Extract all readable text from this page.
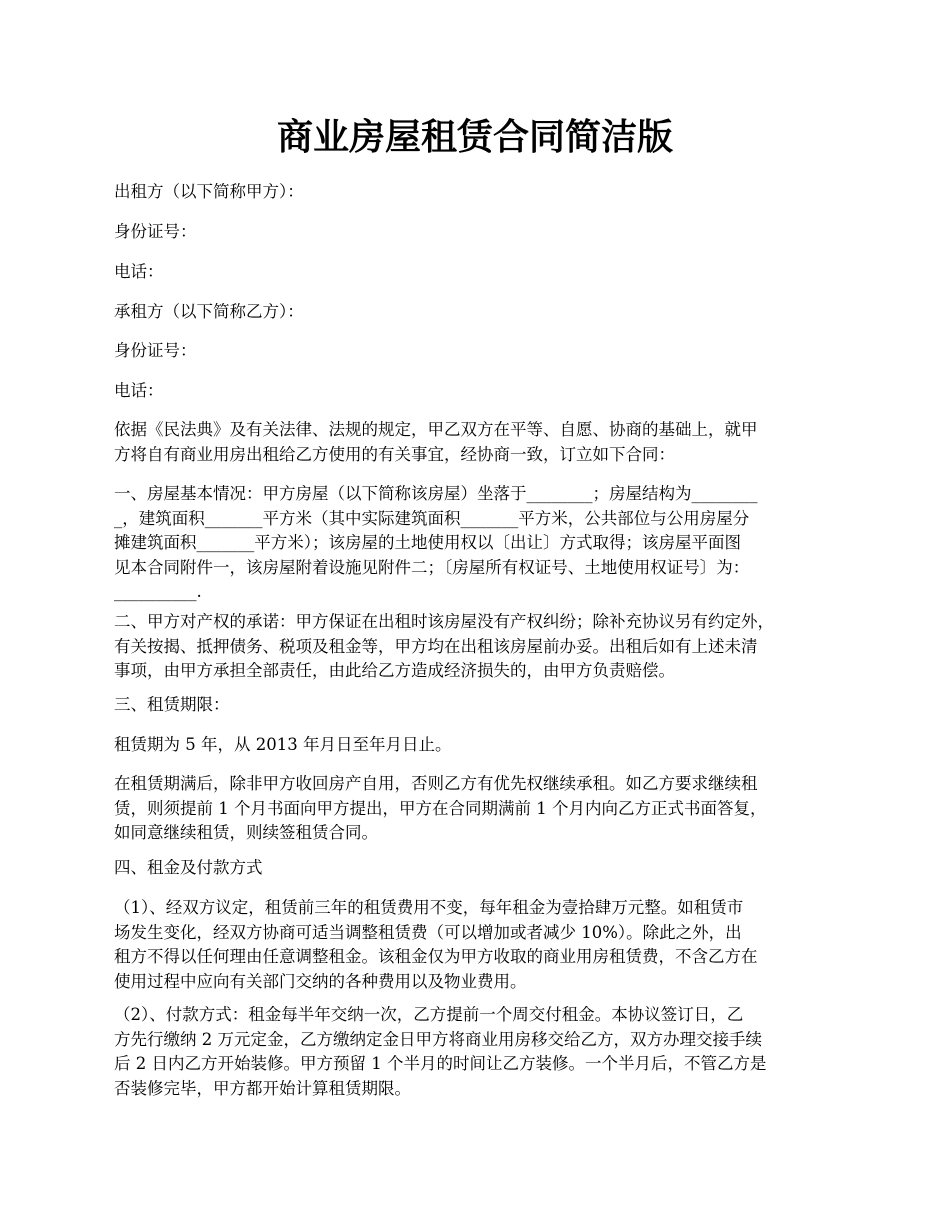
商业房屋租赁合同简洁版
出租方（以下简称甲方）：
身份证号：
电话：
承租方（以下简称乙方）：
身份证号：
电话：
依据《民法典》及有关法律、法规的规定，甲乙双方在平等、自愿、协商的基础上，就甲
方将自有商业用房出租给乙方使用的有关事宜，经协商一致，订立如下合同：
一、房屋基本情况：甲方房屋（以下简称该房屋）坐落于________；房屋结构为________
_，建筑面积_______平方米（其中实际建筑面积_______平方米，公共部位与公用房屋分
摊建筑面积_______平方米）；该房屋的土地使用权以〔出让〕方式取得；该房屋平面图
见本合同附件一，该房屋附着设施见附件二；〔房屋所有权证号、土地使用权证号〕为：
__________.
二、甲方对产权的承诺：甲方保证在出租时该房屋没有产权纠纷；除补充协议另有约定外，
有关按揭、抵押债务、税项及租金等，甲方均在出租该房屋前办妥。出租后如有上述未清
事项，由甲方承担全部责任，由此给乙方造成经济损失的，由甲方负责赔偿。
三、租赁期限：
租赁期为 5 年，从 2013 年月日至年月日止。
在租赁期满后，除非甲方收回房产自用，否则乙方有优先权继续承租。如乙方要求继续租
赁，则须提前 1 个月书面向甲方提出，甲方在合同期满前 1 个月内向乙方正式书面答复，
如同意继续租赁，则续签租赁合同。
四、租金及付款方式
（1）、经双方议定，租赁前三年的租赁费用不变，每年租金为壹拾肆万元整。如租赁市
场发生变化，经双方协商可适当调整租赁费（可以增加或者减少 10%）。除此之外，出
租方不得以任何理由任意调整租金。该租金仅为甲方收取的商业用房租赁费，不含乙方在
使用过程中应向有关部门交纳的各种费用以及物业费用。
（2）、付款方式：租金每半年交纳一次，乙方提前一个周交付租金。本协议签订日，乙
方先行缴纳 2 万元定金，乙方缴纳定金日甲方将商业用房移交给乙方，双方办理交接手续
后 2 日内乙方开始装修。甲方预留 1 个半月的时间让乙方装修。一个半月后，不管乙方是
否装修完毕，甲方都开始计算租赁期限。
